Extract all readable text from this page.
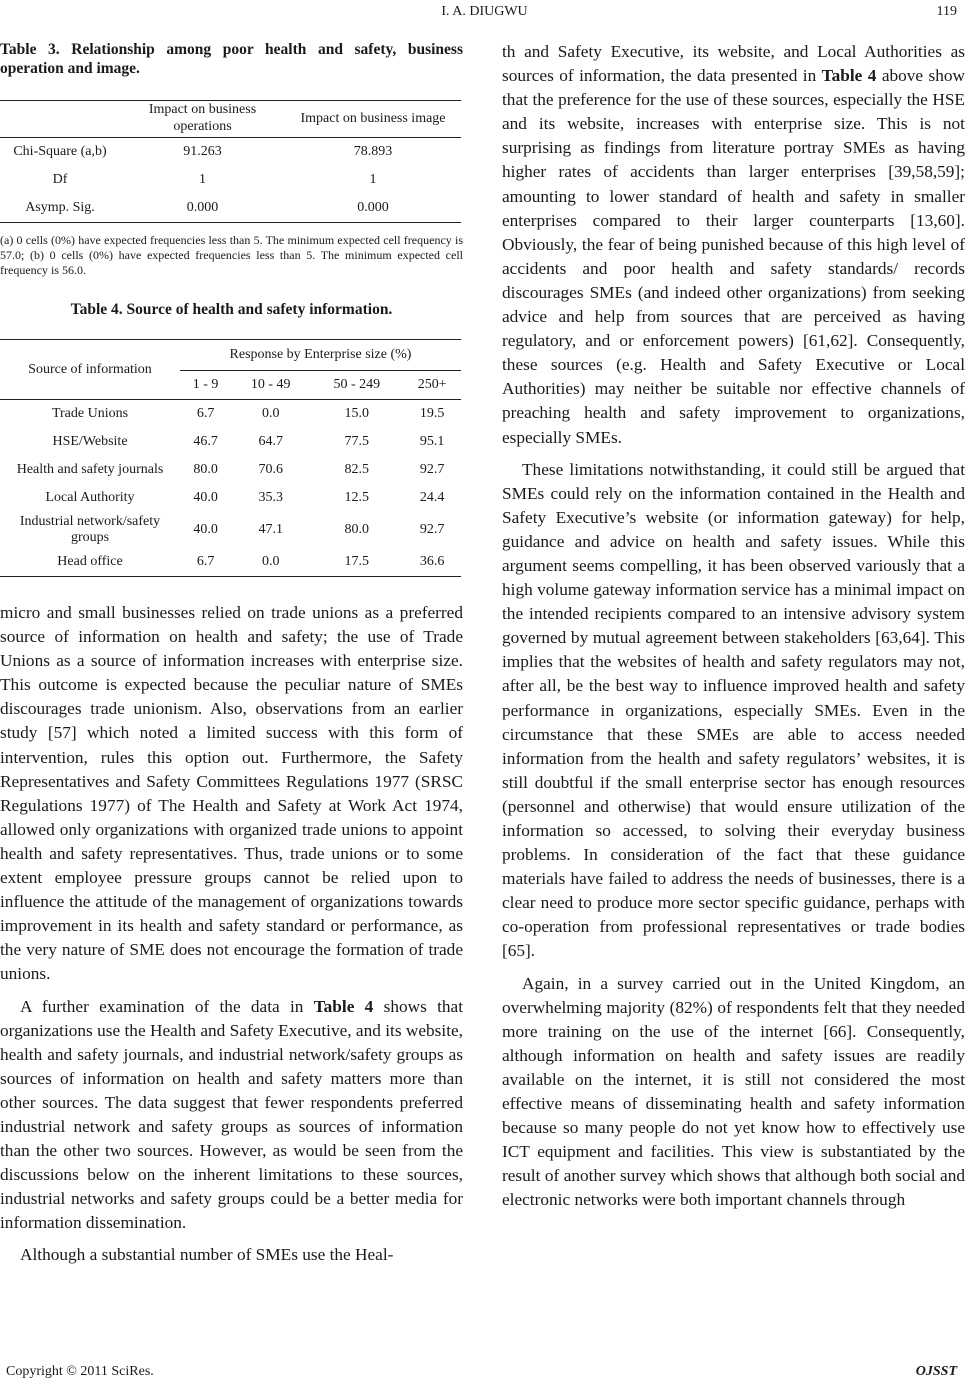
I. A. DIUGWU	119
Table 3. Relationship among poor health and safety, business operation and image.
	Impact on business operations	Impact on business image
Chi-Square (a,b)	91.263	78.893
Df	1	1
Asymp. Sig.	0.000	0.000
(a) 0 cells (0%) have expected frequencies less than 5. The minimum expected cell frequency is 57.0; (b) 0 cells (0%) have expected frequencies less than 5. The minimum expected cell frequency is 56.0.
Table 4. Source of health and safety information.
Source of information	Response by Enterprise size (%)			
	1 - 9	10 - 49	50 - 249	250+
Trade Unions	6.7	0.0	15.0	19.5
HSE/Website	46.7	64.7	77.5	95.1
Health and safety journals	80.0	70.6	82.5	92.7
Local Authority	40.0	35.3	12.5	24.4
Industrial network/safety groups	40.0	47.1	80.0	92.7
Head office	6.7	0.0	17.5	36.6

micro and small businesses relied on trade unions as a preferred source of information on health and safety; the use of Trade Unions as a source of information increases with enterprise size. This outcome is expected because the peculiar nature of SMEs discourages trade unionism. Also, observations from an earlier study [57] which noted a limited success with this form of intervention, rules this option out. Furthermore, the Safety Representatives and Safety Committees Regulations 1977 (SRSC Regulations 1977) of The Health and Safety at Work Act 1974, allowed only organizations with organized trade unions to appoint health and safety representatives. Thus, trade unions or to some extent employee pressure groups cannot be relied upon to influence the attitude of the management of organizations towards improvement in its health and safety standard or performance, as the very nature of SME does not encourage the formation of trade unions.

A further examination of the data in Table 4 shows that organizations use the Health and Safety Executive, and its website, health and safety journals, and industrial network/safety groups as sources of information on health and safety matters more than other sources. The data suggest that fewer respondents preferred industrial network and safety groups as sources of information than the other two sources. However, as would be seen from the discussions below on the inherent limitations to these sources, industrial networks and safety groups could be a better media for information dissemination.

Although a substantial number of SMEs use the Heal-

th and Safety Executive, its website, and Local Authorities as sources of information, the data presented in Table 4 above show that the preference for the use of these sources, especially the HSE and its website, increases with enterprise size. This is not surprising as findings from literature portray SMEs as having higher rates of accidents than larger enterprises [39,58,59]; amounting to lower standard of health and safety in smaller enterprises compared to their larger counterparts [13,60]. Obviously, the fear of being punished because of this high level of accidents and poor health and safety standards/ records discourages SMEs (and indeed other organizations) from seeking advice and help from sources that are perceived as having regulatory, and or enforcement powers) [61,62]. Consequently, these sources (e.g. Health and Safety Executive or Local Authorities) may neither be suitable nor effective channels of preaching health and safety improvement to organizations, especially SMEs.

These limitations notwithstanding, it could still be argued that SMEs could rely on the information contained in the Health and Safety Executive’s website (or information gateway) for help, guidance and advice on health and safety issues. While this argument seems compelling, it has been observed variously that a high volume gateway information service has a minimal impact on the intended recipients compared to an intensive advisory system governed by mutual agreement between stakeholders [63,64]. This implies that the websites of health and safety regulators may not, after all, be the best way to influence improved health and safety performance in organizations, especially SMEs. Even in the circumstance that these SMEs are able to access needed information from the health and safety regulators’ websites, it is still doubtful if the small enterprise sector has enough resources (personnel and otherwise) that would ensure utilization of the information so accessed, to solving their everyday business problems. In consideration of the fact that these guidance materials have failed to address the needs of businesses, there is a clear need to produce more sector specific guidance, perhaps with co-operation from professional representatives or trade bodies [65].

Again, in a survey carried out in the United Kingdom, an overwhelming majority (82%) of respondents felt that they needed more training on the use of the internet [66]. Consequently, although information on health and safety issues are readily available on the internet, it is still not considered the most effective means of disseminating health and safety information because so many people do not yet know how to effectively use ICT equipment and facilities. This view is substantiated by the result of another survey which shows that although both social and electronic networks were both important channels through

Copyright © 2011 SciRes.	OJSST
